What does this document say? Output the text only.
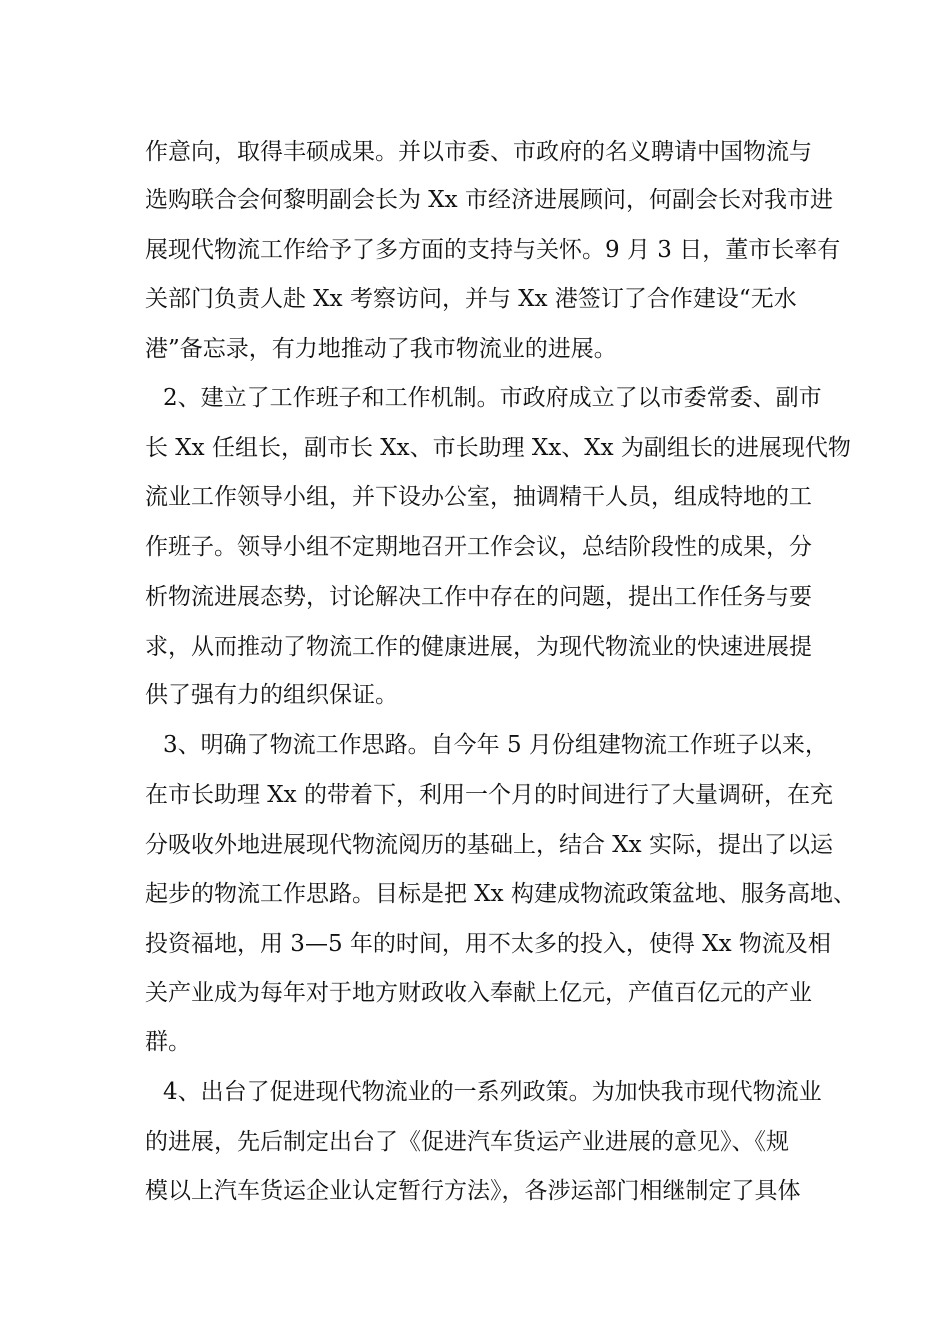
作意向，取得丰硕成果。并以市委、市政府的名义聘请中国物流与
选购联合会何黎明副会长为 Xx 市经济进展顾问，何副会长对我市进
展现代物流工作给予了多方面的支持与关怀。9 月 3 日，董市长率有
关部门负责人赴 Xx 考察访问，并与 Xx 港签订了合作建设“无水
港”备忘录，有力地推动了我市物流业的进展。
2、建立了工作班子和工作机制。市政府成立了以市委常委、副市
长 Xx 任组长，副市长 Xx、市长助理 Xx、Xx 为副组长的进展现代物
流业工作领导小组，并下设办公室，抽调精干人员，组成特地的工
作班子。领导小组不定期地召开工作会议，总结阶段性的成果，分
析物流进展态势，讨论解决工作中存在的问题，提出工作任务与要
求，从而推动了物流工作的健康进展，为现代物流业的快速进展提
供了强有力的组织保证。
3、明确了物流工作思路。自今年 5 月份组建物流工作班子以来，
在市长助理 Xx 的带着下，利用一个月的时间进行了大量调研，在充
分吸收外地进展现代物流阅历的基础上，结合 Xx 实际，提出了以运
起步的物流工作思路。目标是把 Xx 构建成物流政策盆地、服务高地、
投资福地，用 3—5 年的时间，用不太多的投入，使得 Xx 物流及相
关产业成为每年对于地方财政收入奉献上亿元，产值百亿元的产业
群。
4、出台了促进现代物流业的一系列政策。为加快我市现代物流业
的进展，先后制定出台了《促进汽车货运产业进展的意见》、《规
模以上汽车货运企业认定暂行方法》，各涉运部门相继制定了具体
